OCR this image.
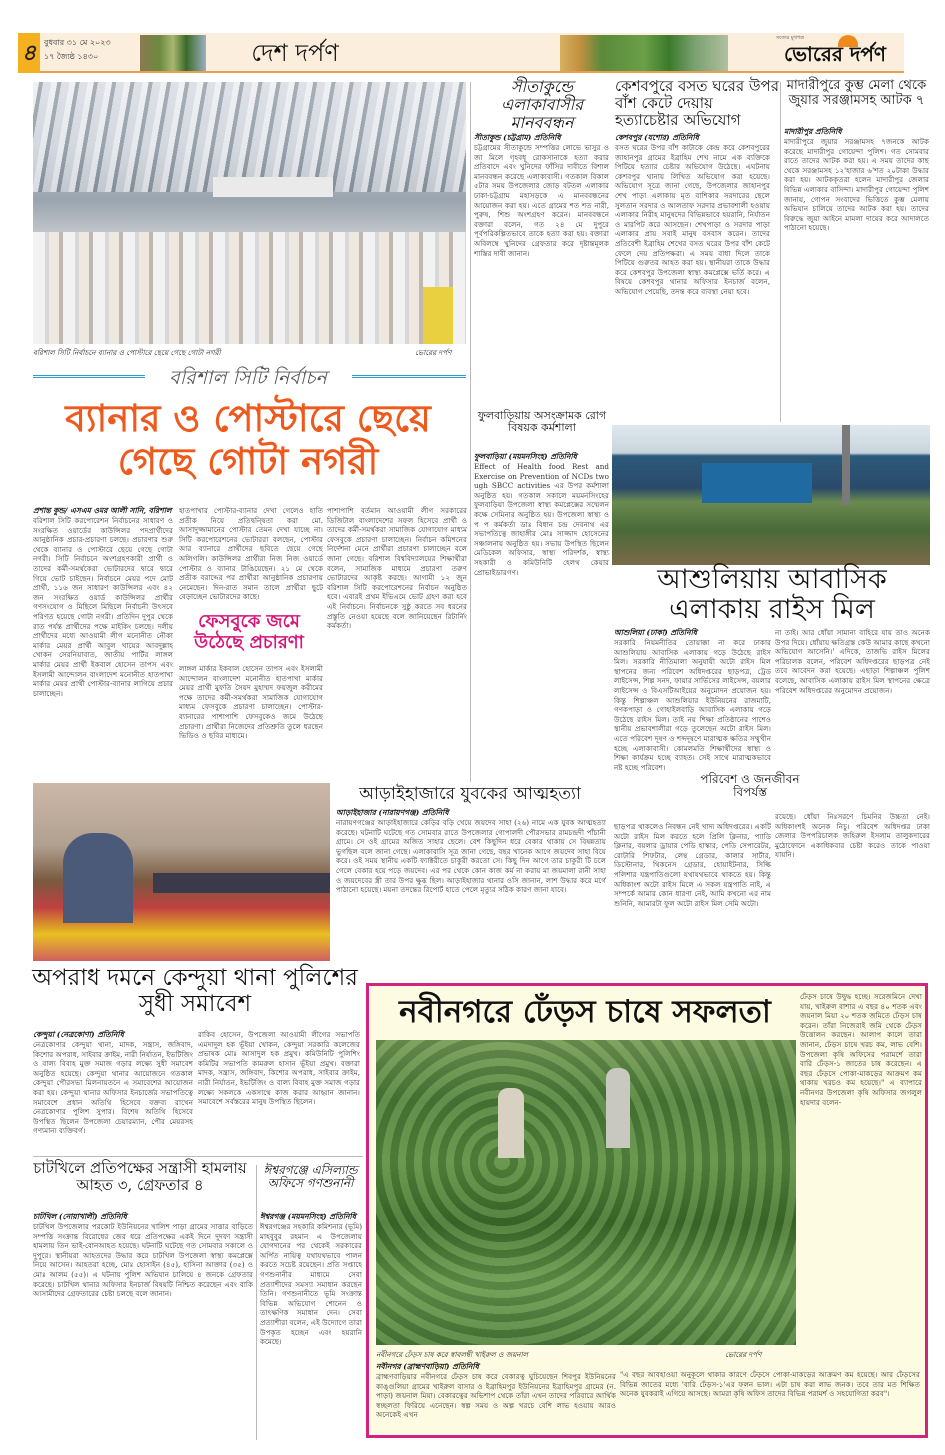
৪ বুধবার ৩১ মে ২০২৩
১৭ জ্যৈষ্ঠ ১৪৩০	দেশ দর্পণ
সত্যের মুখপত্র
ভোরের দর্পণ
বরিশাল সিটি নির্বাচনে ব্যানার ও পোস্টারে ছেয়ে গেছে গোটা নগরী	ভোরের দর্পণ
বরিশাল সিটি নির্বাচন
ব্যানার ও পোস্টারে ছেয়ে গেছে গোটা নগরী
প্রশান্ত কুন্ড/ এসএম ওমর আলী সানি, বরিশাল
বরিশাল সিটি করপোরেশন নির্বাচনের সাধারণ ও সংরক্ষিত ওয়ার্ডের কাউন্সিলর পদপ্রার্থীদের আনুষ্ঠানিক প্রচার-প্রচারণা চলছে। প্রচারণার শুরু থেকে ব্যানার ও পোস্টারে ছেয়ে গেছে গোটা নগরী। সিটি নির্বাচনে অংশগ্রহণকারী প্রার্থী ও তাদের কর্মী-সমর্থকেরা ভোটারদের দ্বারে দ্বারে গিয়ে ভোট চাইছেন। নির্বাচনে মেয়র পদে মোট প্রার্থী, ১১৬ জন সাধারণ কাউন্সিলর এবং ৪২ জন সংরক্ষিত ওয়ার্ড কাউন্সিলর প্রার্থীর গণসংযোগ ও মিছিলে মিছিলে নির্বাচনী উৎসবে পরিণত হয়েছে গোটা নগরী। প্রতিদিন দুপুর থেকে রাত পর্যন্ত প্রার্থীদের পক্ষে মাইকিং চলছে। দলীয় প্রার্থীদের মধ্যে আওয়ামী লীগ মনোনীত নৌকা মার্কার মেয়র প্রার্থী আবুল খায়ের আবদুল্লাহ খোকন সেরনিয়াবাত, জাতীয় পার্টির লাঙ্গল মার্কার মেয়র প্রার্থী ইকবাল হোসেন তাপস এবং ইসলামী আন্দোলন বাংলাদেশ মনোনীত হাতপাখা মার্কার মেয়র প্রার্থী পোস্টার-ব্যানার লাগিয়ে প্রচার চালাচ্ছেন।
হাতপাখার পোস্টার-ব্যানার দেখা গেলেও হাতি প্রতীক নিয়ে প্রতিদ্বন্দ্বিতা করা মো. আসাদুজ্জামানের পোস্টার তেমন দেখা যাচ্ছে না। সিটি করপোরেশনের ভোটাররা বলছেন, পোস্টার আর ব্যানারে প্রার্থীদের ছবিতে ছেয়ে গেছে অলিগলি। কাউন্সিলর প্রার্থীরা নিজ নিজ ওয়ার্ডে পোস্টার ও ব্যানার টাঙিয়েছেন। ২১ মে থেকে প্রতীক বরাদ্দের পর প্রার্থীরা আনুষ্ঠানিক প্রচারণায় নেমেছেন। দিন-রাত সমান তালে প্রার্থীরা ছুটে বেড়াচ্ছেন ভোটারদের কাছে।
ফেসবুকে জমে উঠেছে প্রচারণা
লাঙ্গল মার্কার ইকবাল হোসেন তাপস এবং ইসলামী আন্দোলন বাংলাদেশ মনোনীত হাতপাখা মার্কার মেয়র প্রার্থী মুফতি সৈয়দ মুহাম্মদ ফয়জুল করীমের পক্ষে তাদের কর্মী-সমর্থকরা সামাজিক যোগাযোগ মাধ্যম ফেসবুকে প্রচারণা চালাচ্ছেন। পোস্টার-ব্যানারের পাশাপাশি ফেসবুকেও জমে উঠেছে প্রচারণা। প্রার্থীরা নিজেদের প্রতিশ্রুতি তুলে ধরছেন ভিডিও ও ছবির মাধ্যমে।
পাশাপাশি বর্তমান আওয়ামী লীগ সরকারের ডিজিটাল বাংলাদেশের সফল হিসেবে প্রার্থী ও তাদের কর্মী-সমর্থকরা সামাজিক যোগাযোগ মাধ্যম ফেসবুকে প্রচারণা চালাচ্ছেন। নির্বাচন কমিশনের নির্দেশনা মেনে প্রার্থীরা প্রচারণা চালাচ্ছেন বলে জানা গেছে। বরিশাল বিশ্ববিদ্যালয়ের শিক্ষার্থীরা বলেন, সামাজিক মাধ্যমে প্রচারণা তরুণ ভোটারদের আকৃষ্ট করছে। আগামী ১২ জুন বরিশাল সিটি করপোরেশনের নির্বাচন অনুষ্ঠিত হবে। এবারই প্রথম ইভিএমে ভোট গ্রহণ করা হবে এই নির্বাচনে। নির্বাচনকে সুষ্ঠু করতে সব ধরনের প্রস্তুতি নেওয়া হয়েছে বলে জানিয়েছেন রিটার্নিং কর্মকর্তা।
সীতাকুন্ডে এলাকাবাসীর মানববন্ধন
সীতাকুন্ড (চট্টগ্রাম) প্রতিনিধি
চট্টগ্রামের সীতাকুন্ডে সম্পত্তির লোভে ভাসুর ও জা মিলে গৃহবধূ রোকসানাকে হত্যা করার প্রতিবাদে এবং খুনিদের ফাঁসির দাবীতে বিশাল মানববন্ধন করেছে এলাকাবাসী। গতকাল বিকাল ৫টার সময় উপজেলার জোড় বটতল এলাকার ঢাকা-চট্টগ্রাম মহাসড়কে এ মানববন্ধনের আয়োজন করা হয়। এতে গ্রামের শত শত নারী, পুরুষ, শিশু অংশগ্রহণ করেন। মানববন্ধনে বক্তারা বলেন, গত ২৪ মে দুপুরে পূর্বপরিকল্পিতভাবে তাকে হত্যা করা হয়। বক্তারা অবিলম্বে খুনিদের গ্রেফতার করে দৃষ্টান্তমূলক শাস্তির দাবী জানান।
কেশবপুরে বসত ঘরের উপর বাঁশ কেটে দেয়ায় হত্যাচেষ্টার অভিযোগ
কেশবপুর (যশোর) প্রতিনিধি
বসত ঘরের উপর বাঁশ কাটাকে কেন্দ্র করে কেশবপুরের জাহানপুর গ্রামের ইব্রাহিম শেখ নামে এক ব্যক্তিকে পিটিয়ে হত্যার চেষ্টার অভিযোগ উঠেছে। এঘটনায় কেশবপুর থানায় লিখিত অভিযোগ করা হয়েছে। অভিযোগ সূত্রে জানা গেছে, উপজেলার জাহানপুর শেখ পাড়া এলাকায় মৃত বাশিকার সরদারের ছেলে সুলতান সরদার ও আলতাফ সরদার প্রভাবশালী হওয়ায় এলাকার নিরীহ মানুষদের বিভিন্নভাবে হয়রানি, নির্যাতন ও মারপিট করে আসছেন। শেখপাড়া ও সরদার পাড়া এলাকার প্রায় সবাই মানুষ বসবাস করেন। তাদের প্রতিবেশী ইব্রাহিম শেখের বসত ঘরের উপর বাঁশ কেটে ফেলে দেয় প্রতিপক্ষরা। এ সময় বাধা দিলে তাকে পিটিয়ে গুরুতর আহত করা হয়। স্থানীয়রা তাকে উদ্ধার করে কেশবপুর উপজেলা স্বাস্থ্য কমপ্লেক্সে ভর্তি করে। এ বিষয়ে কেশবপুর থানার অফিসার ইনচার্জ বলেন, অভিযোগ পেয়েছি, তদন্ত করে ব্যবস্থা নেয়া হবে।
মাদারীপুরে কুম্ভ মেলা থেকে জুয়ার সরঞ্জামসহ আটক ৭
মাদারীপুর প্রতিনিধি
মাদারীপুরে জুয়ার সরঞ্জামসহ ৭জনকে আটক করেছে মাদারীপুর গোয়েন্দা পুলিশ। গত সোমবার রাতে তাদের আটক করা হয়। এ সময় তাদের কাছ থেকে সরঞ্জামসহ ১২'হাজার ৬'শত ২০টাকা উদ্ধার করা হয়। আটককৃতরা হলেন মাদারীপুর জেলার বিভিন্ন এলাকার বাসিন্দা। মাদারীপুর গোয়েন্দা পুলিশ জানায়, গোপন সংবাদের ভিত্তিতে কুম্ভ মেলায় অভিযান চালিয়ে তাদের আটক করা হয়। তাদের বিরুদ্ধে জুয়া আইনে মামলা দায়ের করে আদালতে পাঠানো হয়েছে।
ফুলবাড়িয়ায় অসংক্রামক রোগ বিষয়ক কর্মশালা
ফুলবাড়িয়া (ময়মনসিংহ) প্রতিনিধি
Effect of Health food Rest and Exercise on Prevention of NCDs two ugh SBCC activities এর উপর কর্মশালা অনুষ্ঠিত হয়। গতকাল সকালে ময়মনসিংহের ফুলবাড়িয়া উপজেলা স্বাস্থ্য কমপ্লেক্সের সম্মেলন কক্ষে সেমিনার অনুষ্ঠিত হয়। উপজেলা স্বাস্থ্য ও প প কর্মকর্তা ডাঃ বিধান চন্দ্র দেবনাথ এর সভাপতিত্বে জাহাঙ্গীর মোঃ সাজ্জাদ হোসেনের সঞ্চালনায় অনুষ্ঠিত হয়। সভায় উপস্থিত ছিলেন মেডিকেল অফিসার, স্বাস্থ্য পরিদর্শক, স্বাস্থ্য সহকারী ও কমিউনিটি হেলথ কেয়ার প্রোভাইডারগণ।	আশুলিয়ায় আবাসিক এলাকায় রাইস মিল
আশুলিয়া (ঢাকা) প্রতিনিধি
সরকারি নিয়মনীতির তোয়াক্কা না করে ঢাকার আশুলিয়ায় আবাসিক এলাকায় গড়ে উঠেছে রাইস মিল। সরকারি নীতিমালা অনুযায়ী অটো রাইস মিল স্থাপনের জন্য পরিবেশ অধিদপ্তরের ছাড়পত্র, ট্রেড লাইসেন্স, শিল্প সনদ, ফায়ার সার্ভিসের লাইসেন্স, বয়লার লাইসেন্স ও বিএসটিআইয়ের অনুমোদন প্রয়োজন হয়। কিন্তু শিল্পাঞ্চল আশুলিয়ার ইউনিয়নের রাজমাটি, গণকপাড়া ও গোহাইলবাড়ি আবাসিক এলাকায় গড়ে উঠেছে রাইস মিল। তাই নয় শিক্ষা প্রতিষ্ঠানের পাশেও স্থানীয় প্রভাবশালীরা গড়ে তুলেছেন অটো রাইস মিল। এতে পরিবেশ দূষণ ও শব্দদূষণে মারাত্মক ক্ষতির সম্মুখীন হচ্ছে এলাকাবাসী। কোমলমতি শিক্ষার্থীদের স্বাস্থ্য ও শিক্ষা কার্যক্রম হচ্ছে ব্যাহত। সেই সাথে মারাত্মকভাবে নষ্ট হচ্ছে পরিবেশ।
না তাই। আর ধোঁয়া সামান্য বাহিরে যায় তাও অনেক উপর দিয়ে। ধোঁয়ায় ক্ষতিগ্রস্ত কেউ আমার কাছে কখনো অভিযোগ আসেনি।' এদিকে, তাজভি রাইস মিলের পরিচালক বলেন, পরিবেশ অধিদপ্তরের ছাড়পত্র নেই তবে আবেদন করা হয়েছে। এছাড়া শিল্পাঞ্চল পুলিশ বলেছে, আবাসিক এলাকায় রাইস মিল স্থাপনের ক্ষেত্রে পরিবেশ অধিদপ্তরের অনুমোদন প্রয়োজন।
পরিবেশ ও জনজীবন বিপর্যস্ত
ছাড়পত্র থাকলেও নিবন্ধন নেই খাদ্য অধিদপ্তরের। একটি অটো রাইস মিল করতে হলে প্রিলি ক্লিনার, প্যাডি ক্লিনার, বয়লার ড্রায়ার পেডি হাস্কার, পেডি সেপারেটর, রোটারি শিফটার, লেন্থ গ্রেডার, কালার সার্টার, ডিস্টোনার, থিকনেস গ্রেডার, হোয়াইটনার, সিল্কি পলিশার যন্ত্রপাতিগুলো যথাযথভাবে থাকতে হয়। কিন্তু অধিকাংশ অটো রাইস মিলে এ সকল যন্ত্রপাতি নাই, এ সম্পর্কে আমার কোন ধারণা নেই, আমি কখনো এর নাম শুনিনি, আমারটা ফুল অটো রাইস মিল সেমি অটো।
রয়েছে। ধোঁয়া নিঃসরণে চিমনির উচ্চতা নেই। অধিকাংশই অনেক নিচু। পরিবেশ অধিদপ্তর ঢাকা জেলার উপপরিচালক জহিরুল ইসলাম তালুকদারের মুঠোফোনে একাধিকবার চেষ্টা করেও তাকে পাওয়া যায়নি।
অপরাধ দমনে কেন্দুয়া থানা পুলিশের সুধী সমাবেশ
কেন্দুয়া (নেত্রকোণা) প্রতিনিধি
নেত্রকোণার কেন্দুয়া থানা, মাদক, সন্ত্রাস, জঙ্গিবাদ, কিশোর অপরাধ, সাইবার ক্রাইম, নারী নির্যাতন, ইভটিজিং ও বাল্য বিবাহ মুক্ত সমাজ গড়ার লক্ষ্যে সুধী সমাবেশ অনুষ্ঠিত হয়েছে। কেন্দুয়া থানার আয়োজনে গতকাল কেন্দুয়া পৌরসভা মিলনায়তনে এ সমাবেশের আয়োজন করা হয়। কেন্দুয়া থানার অফিসার ইনচার্জের সভাপতিত্বে সমাবেশে প্রধান অতিথি হিসেবে বক্তব্য রাখেন নেত্রকোণার পুলিশ সুপার। বিশেষ অতিথি হিসেবে উপস্থিত ছিলেন উপজেলা চেয়ারম্যান, পৌর মেয়রসহ গণ্যমান্য ব্যক্তিবর্গ।
রাকিব হোসেন, উপজেলা আওয়ামী লীগের সভাপতি এমদাদুল হক ভূঁইয়া খোকন, কেন্দুয়া সরকারি কলেজের প্রভাষক মোঃ আসাদুল হক প্রমুখ। কমিউনিটি পুলিশিং কমিটির সভাপতি কামরুল হাসান ভূঁইয়া প্রমুখ। বক্তারা মাদক, সন্ত্রাস, জঙ্গিবাদ, কিশোর অপরাধ, সাইবার ক্রাইম, নারী নির্যাতন, ইভটিজিং ও বাল্য বিবাহ মুক্ত সমাজ গড়ার লক্ষ্যে সকলকে একসাথে কাজ করার আহ্বান জানান। সমাবেশে সর্বস্তরের মানুষ উপস্থিত ছিলেন।
আড়াইহাজারে যুবকের আত্মহত্যা
আড়াইহাজার (নারায়ণগঞ্জ) প্রতিনিধি
নারায়ণগঞ্জের আড়াইহাজারে কেড়ির বড়ি খেয়ে জয়দেব সাহা (২৬) নামে এক যুবক আত্মহত্যা করেছে। ঘটনাটি ঘটেছে গত সোমবার রাতে উপজেলার গোপালদী পৌরসভার রামচন্দ্রদী পাঁচানী গ্রামে। সে ওই গ্রামের অজিত সাহার ছেলে। বেশ কিছুদিন ধরে বেকার থাকায় সে বিষন্নতায় ভুগছিল বলে জানা গেছে। এলাকাবাসি সূত্র জানা গেছে, বছর খানেক আগে জয়দেব সাহা বিয়ে করে। ওই সময় স্থানীয় একটি ফ্যাক্টরীতে চাকুরী করতো সে। কিছু দিন আগে তার চাকুরী টি চলে গেলে বেকার হয়ে পড়ে জয়দেব। এর পর থেকে কোন কাজ কর্ম না করায় মা জয়মালা রানী সাহা ও জয়দেবের স্ত্রী তার উপর ক্ষুব্ধ ছিল। আড়াইহাজার থানার ওসি জানান, লাশ উদ্ধার করে মর্গে পাঠানো হয়েছে। ময়না তদন্তের রিপোর্ট হাতে পেলে মৃত্যুর সঠিক কারণ জানা যাবে।
চাটখিলে প্রতিপক্ষের সন্ত্রাসী হামলায় আহত ৩, গ্রেফতার ৪
চাটখিল (নোয়াখালী) প্রতিনিধি
চাটখিল উপজেলার পরকোট ইউনিয়নের খালিশ পাড়া গ্রামের সাত্তার বাড়িতে সম্পত্তি সংক্রান্ত বিরোধের জের ধরে প্রতিপক্ষের একই দিনে দুদফা সন্ত্রাসী হামলায় তিন ভাই-বোনআহত হয়েছে। ঘটনাটি ঘটেছে গত সোমবার সকালে ও দুপুরে। স্থানীয়রা আহতদের উদ্ধার করে চাটখিল উপজেলা স্বাস্থ্য কমপ্লেক্সে নিয়ে আসেন। আহতরা হচ্ছে, মোঃ হোসাইন (৪৫), হাসিনা আক্তার (৩৫) ও মোঃ আলম (৫৫)। এ ঘটনায় পুলিশ অভিযান চালিয়ে ৪ জনকে গ্রেফতার করেছে। চাটখিল থানার অফিসার ইনচার্জ বিষয়টি নিশ্চিত করেছেন এবং বাকি আসামীদের গ্রেফতারের চেষ্টা চলছে বলে জানান।
ঈশ্বরগঞ্জে এসিল্যান্ড অফিসে গণশুনানী
ঈশ্বরগঞ্জ (ময়মনসিংহ) প্রতিনিধি
ঈশ্বরগঞ্জের সহকারি কমিশনার (ভূমি) মাহবুবুর রহমান এ উপজেলায় যোগদানের পর থেকেই সরকারের অর্পিত নায়িত্ব যথাযথভাবে পালন করতে সচেষ্ট রয়েছেন। প্রতি সপ্তাহে গণশুনানীর মাধ্যমে সেবা প্রত্যাশীদের সমস্যা সমাধান করছেন তিনি। গণশুনানীতে ভূমি সংক্রান্ত বিভিন্ন অভিযোগ শোনেন ও তাৎক্ষণিক সমাধান দেন। সেবা প্রত্যাশীরা বলেন, এই উদ্যোগে তারা উপকৃত হচ্ছেন এবং হয়রানি কমেছে।
নবীনগরে ঢেঁড়স চাষে সফলতা
নবীনগরে ঢেঁড়স চাষ করে স্বাবলম্বী খাইরুল ও জয়নাল	ভোরের দর্পণ
নবীনগর (ব্রাহ্মণবাড়িয়া) প্রতিনিধি
ব্রাহ্মণবাড়িয়ার নবীনগরে ঢেঁড়স চাষ করে বেকারত্ব ঘুচিয়েছেন শিবপুর ইউনিয়নের কাঙ্গুলিয়া গ্রামের খাইরুল বাসার ও ইব্রাহিমপুর ইউনিয়নের ইব্রাহিমপুর গ্রামের (ন. পাড়া) জয়নাল মিয়া। বেকারত্বের অভিশাপ থেকে তাঁরা এখন তাদের পরিবারে আর্থিক স্বচ্ছলতা ফিরিয়ে এনেছেন। স্বল্প সময় ও অল্প খরচে বেশি লাভ হওয়ায় আরও অনেকেই এখন
ঢেঁড়স চাষে উদ্বুদ্ধ হচ্ছে। সরেজমিনে দেখা যায়, খাইরুল বাশার এ বছর ৪০ শতক এবং জয়নাল মিয়া ২০ শতক জমিতে ঢেঁড়স চাষ করেন। তাঁরা নিজেরাই জমি থেকে ঢেঁড়স উত্তোলন করছেন। আলাপ কালে তারা জানান, ঢেঁড়স চাষে খরচ কম, লাভ বেশি। উপজেলা কৃষি অফিসের পরামর্শে তারা বারি ঢেঁড়স-১ জাতের চাষ করেছেন। এ বছর ঢেঁড়সে পোকা-মাকড়ের আক্রমণ কম থাকায় খরচও কম হয়েছে।" এ ব্যাপারে নবীনগর উপজেলা কৃষি অফিসার জগলুল হায়দার বলেন-
"এ বছর আবহাওয়া অনুকূলে থাকার কারণে ঢেঁড়সে পোকা-মাকড়ের আক্রমণ কম হয়েছে। আর ঢেঁড়সের বিভিন্ন জাতের মধ্যে 'বারি ঢেঁড়স-১'এর ফলন ভাল। এটা চাষ করা লাভ জনক। তবে তার মত শিক্ষিত অনেক যুবকরাই এগিয়ে আসছে। আমরা কৃষি অফিস তাদের বিভিন্ন পরামর্শ ও সহযোগিতা করব"।
